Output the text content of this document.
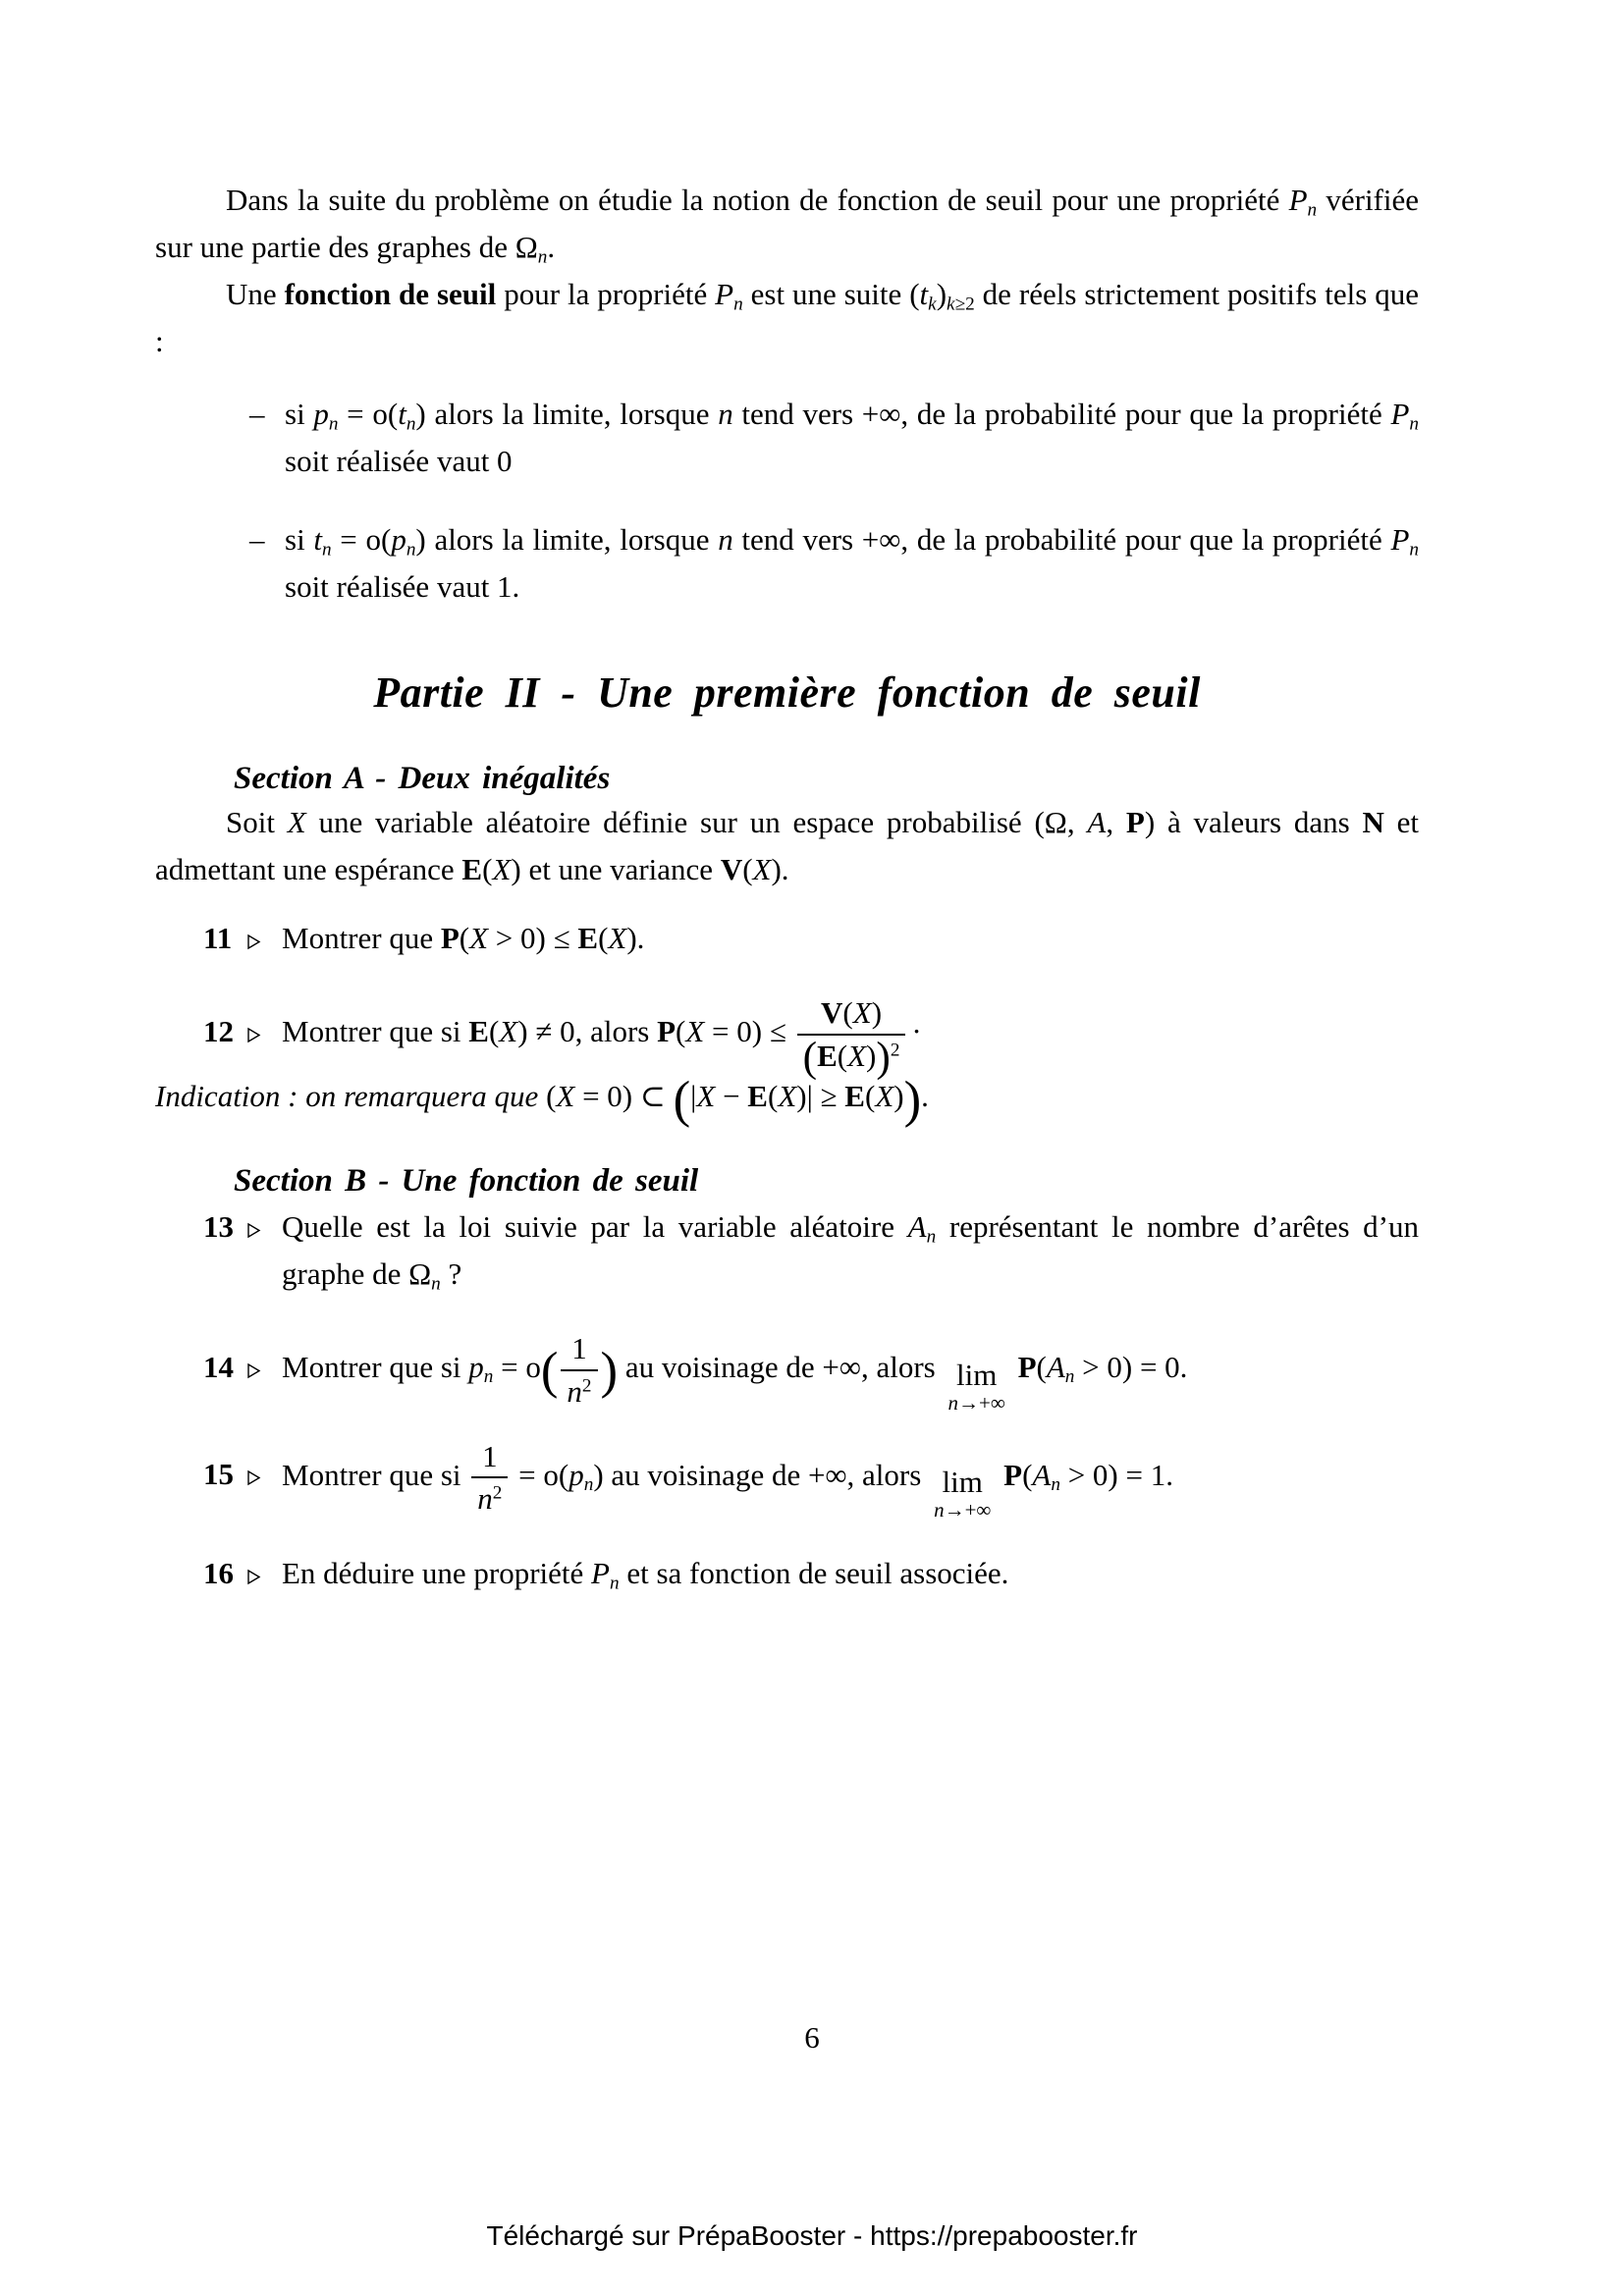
Dans la suite du problème on étudie la notion de fonction de seuil pour une propriété $P_n$ vérifiée sur une partie des graphes de $\Omega_n$.

Une fonction de seuil pour la propriété $P_n$ est une suite $(t_k)_{k\ge 2}$ de réels strictement positifs tels que :

– si $p_n = o(t_n)$ alors la limite, lorsque n tend vers +∞, de la probabilité pour que la propriété $P_n$ soit réalisée vaut 0

– si $t_n = o(p_n)$ alors la limite, lorsque n tend vers +∞, de la probabilité pour que la propriété $P_n$ soit réalisée vaut 1.

Partie II - Une première fonction de seuil
Section A - Deux inégalités

Soit X une variable aléatoire définie sur un espace probabilisé (Ω, A, P) à valeurs dans N et admettant une espérance E(X) et une variance V(X).

11	Montrer que P(X > 0) ≤ E(X).
12	Montrer que si E(X) ≠ 0, alors $P(X = 0) \le \frac{V(X)}{(E(X))^2}$ ·

Indication : on remarquera que (X = 0) ⊂ (|X − E(X)| ≥ E(X)).

Section B - Une fonction de seuil
13	Quelle est la loi suivie par la variable aléatoire $A_n$ représentant le nombre d’arêtes d’un graphe de $\Omega_n$ ?
14	Montrer que si $p_n = o( \frac{1}{n^2}$ ) au voisinage de +∞, alors lim
n→+∞
$P(A_n > 0) = 0$.
15	Montrer que si $\frac{1}{n^2} = o(p_n)$ au voisinage de +∞, alors lim
n→+∞
$P(A_n > 0) = 1$.
16	En déduire une propriété $P_n$ et sa fonction de seuil associée.
6
Téléchargé sur PrépaBooster - https://prepabooster.fr
